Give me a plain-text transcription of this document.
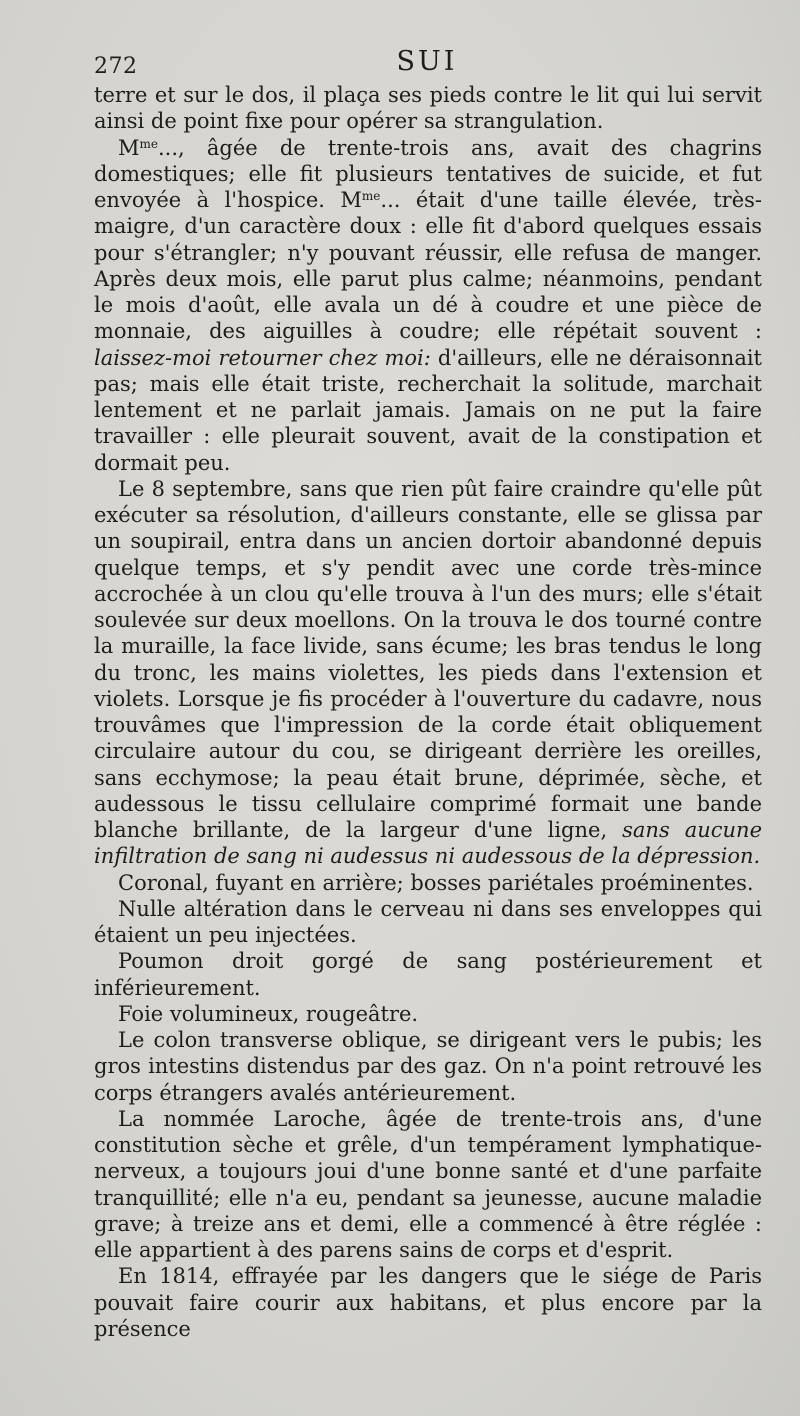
272	SUI

terre et sur le dos, il plaça ses pieds contre le lit qui lui servit ainsi de point fixe pour opérer sa strangulation.

$M^{me}$..., âgée de trente-trois ans, avait des chagrins domestiques; elle fit plusieurs tentatives de suicide, et fut envoyée à l'hospice. $M^{me}$... était d'une taille élevée, très-maigre, d'un caractère doux : elle fit d'abord quelques essais pour s'étrangler; n'y pouvant réussir, elle refusa de manger. Après deux mois, elle parut plus calme; néanmoins, pendant le mois d'août, elle avala un dé à coudre et une pièce de monnaie, des aiguilles à coudre; elle répétait souvent : laissez-moi retourner chez moi: d'ailleurs, elle ne déraisonnait pas; mais elle était triste, recherchait la solitude, marchait lentement et ne parlait jamais. Jamais on ne put la faire travailler : elle pleurait souvent, avait de la constipation et dormait peu.

Le 8 septembre, sans que rien pût faire craindre qu'elle pût exécuter sa résolution, d'ailleurs constante, elle se glissa par un soupirail, entra dans un ancien dortoir abandonné depuis quelque temps, et s'y pendit avec une corde très-mince accrochée à un clou qu'elle trouva à l'un des murs; elle s'était soulevée sur deux moellons. On la trouva le dos tourné contre la muraille, la face livide, sans écume; les bras tendus le long du tronc, les mains violettes, les pieds dans l'extension et violets. Lorsque je fis procéder à l'ouverture du cadavre, nous trouvâmes que l'impression de la corde était obliquement circulaire autour du cou, se dirigeant derrière les oreilles, sans ecchymose; la peau était brune, déprimée, sèche, et audessous le tissu cellulaire comprimé formait une bande blanche brillante, de la largeur d'une ligne, sans aucune infiltration de sang ni audessus ni audessous de la dépression.

Coronal, fuyant en arrière; bosses pariétales proéminentes.

Nulle altération dans le cerveau ni dans ses enveloppes qui étaient un peu injectées.

Poumon droit gorgé de sang postérieurement et inférieurement.

Foie volumineux, rougeâtre.

Le colon transverse oblique, se dirigeant vers le pubis; les gros intestins distendus par des gaz. On n'a point retrouvé les corps étrangers avalés antérieurement.

La nommée Laroche, âgée de trente-trois ans, d'une constitution sèche et grêle, d'un tempérament lymphatique-nerveux, a toujours joui d'une bonne santé et d'une parfaite tranquillité; elle n'a eu, pendant sa jeunesse, aucune maladie grave; à treize ans et demi, elle a commencé à être réglée : elle appartient à des parens sains de corps et d'esprit.

En 1814, effrayée par les dangers que le siége de Paris pouvait faire courir aux habitans, et plus encore par la présence
